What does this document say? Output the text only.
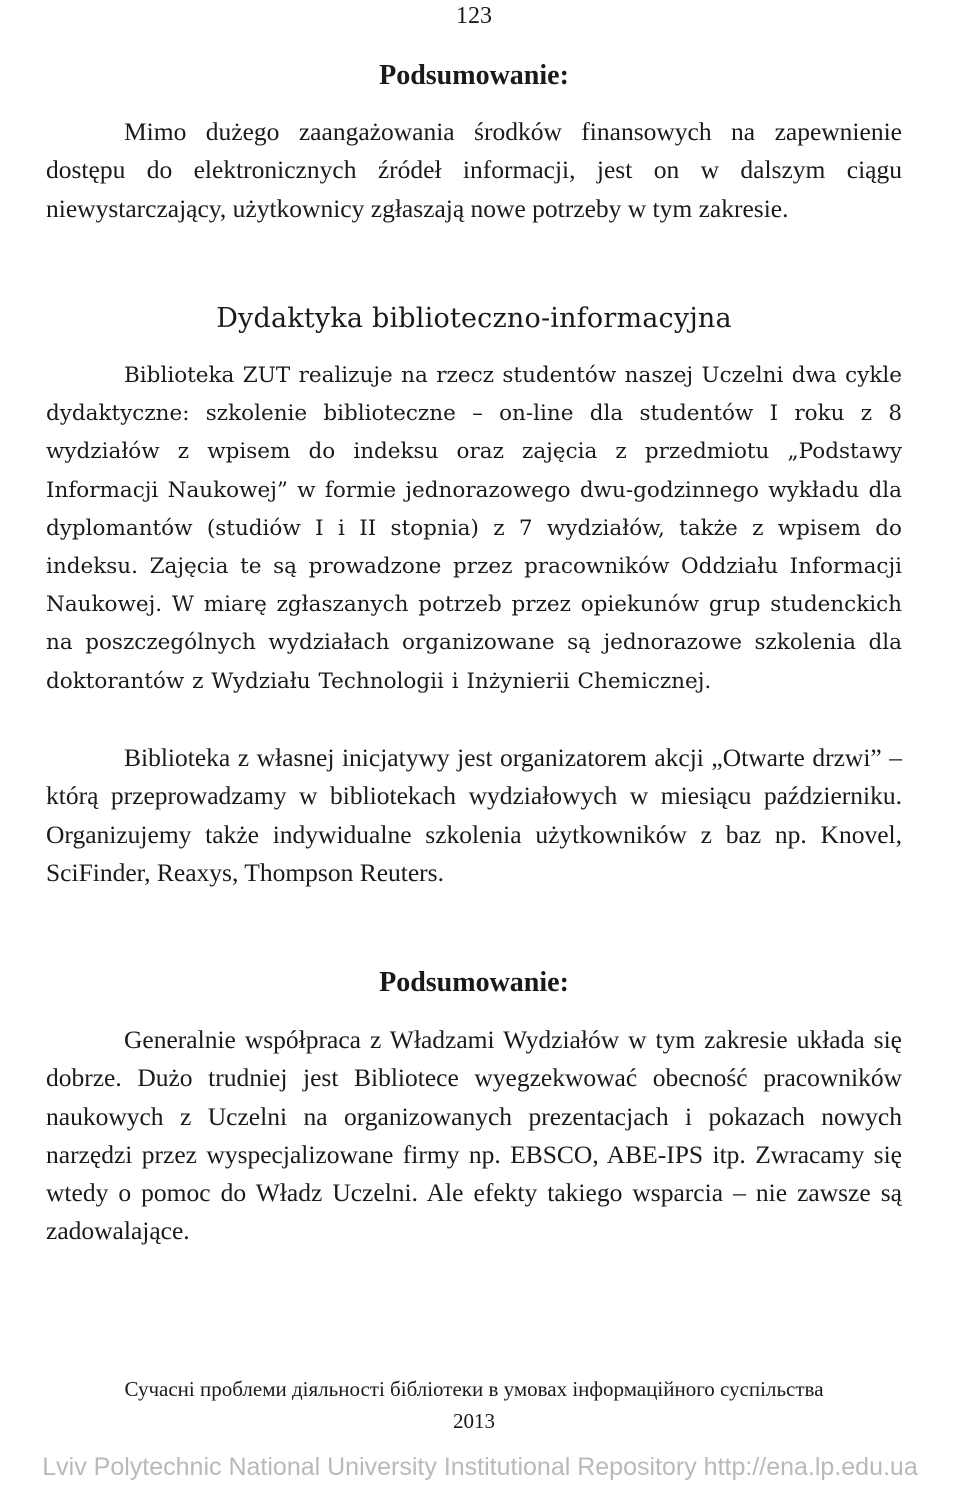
123
Podsumowanie:

Mimo dużego zaangażowania środków finansowych na zapewnienie dostępu do elektronicznych źródeł informacji, jest on w dalszym ciągu niewystarczający, użytkownicy zgłaszają nowe potrzeby w tym zakresie.

Dydaktyka biblioteczno-informacyjna

Biblioteka ZUT realizuje na rzecz studentów naszej Uczelni dwa cykle dydaktyczne: szkolenie biblioteczne – on-line dla studentów I roku z 8 wydziałów z wpisem do indeksu oraz zajęcia z przedmiotu „Podstawy Informacji Naukowej” w formie jednorazowego dwu-godzinnego wykładu dla dyplomantów (studiów I i II stopnia) z 7 wydziałów, także z wpisem do indeksu. Zajęcia te są prowadzone przez pracowników Oddziału Informacji Naukowej. W miarę zgłaszanych potrzeb przez opiekunów grup studenckich na poszczególnych wydziałach organizowane są jednorazowe szkolenia dla doktorantów z Wydziału Technologii i Inżynierii Chemicznej.

Biblioteka z własnej inicjatywy jest organizatorem akcji „Otwarte drzwi” – którą przeprowadzamy w bibliotekach wydziałowych w miesiącu październiku. Organizujemy także indywidualne szkolenia użytkowników z baz np. Knovel, SciFinder, Reaxys, Thompson Reuters.

Podsumowanie:

Generalnie współpraca z Władzami Wydziałów w tym zakresie układa się dobrze. Dużo trudniej jest Bibliotece wyegzekwować obecność pracowników naukowych z Uczelni na organizowanych prezentacjach i pokazach nowych narzędzi przez wyspecjalizowane firmy np. EBSCO, ABE-IPS itp. Zwracamy się wtedy o pomoc do Władz Uczelni. Ale efekty takiego wsparcia – nie zawsze są zadowalające.

Сучасні проблеми діяльності бібліотеки в умовах інформаційного суспільства
2013
Lviv Polytechnic National University Institutional Repository http://ena.lp.edu.ua
